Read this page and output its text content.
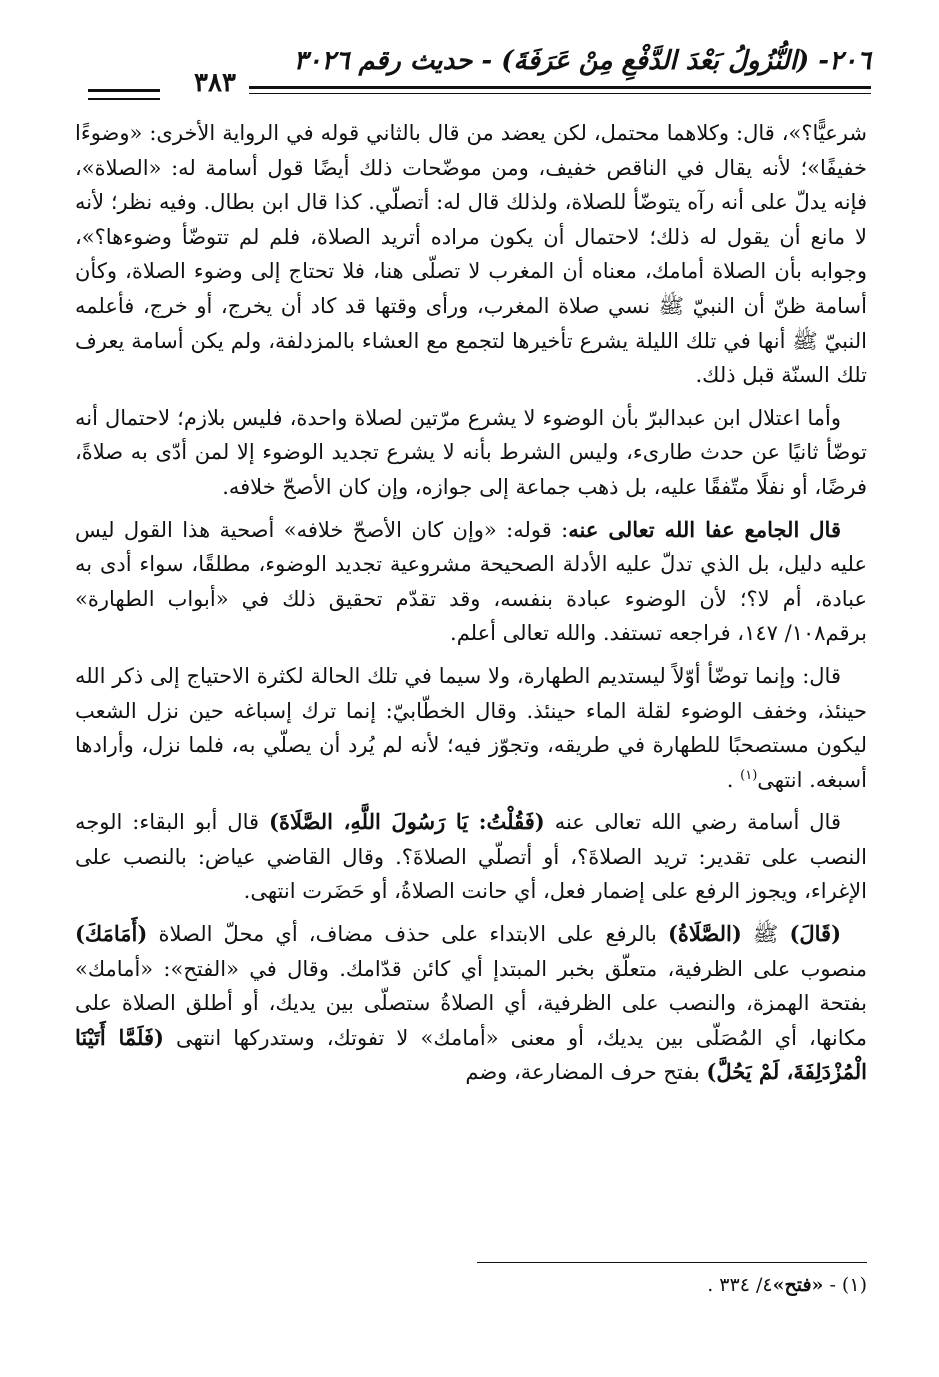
٢٠٦- (النُّزُولُ بَعْدَ الدَّفْعِ مِنْ عَرَفَةَ) - حديث رقم ٣٠٢٦
٣٨٣

شرعيًّا؟»، قال: وكلاهما محتمل، لكن يعضد من قال بالثاني قوله في الرواية الأخرى: «وضوءًا خفيفًا»؛ لأنه يقال في الناقص خفيف، ومن موضّحات ذلك أيضًا قول أسامة له: «الصلاة»، فإنه يدلّ على أنه رآه يتوضّأ للصلاة، ولذلك قال له: أتصلّي. كذا قال ابن بطال. وفيه نظر؛ لأنه لا مانع أن يقول له ذلك؛ لاحتمال أن يكون مراده أتريد الصلاة، فلم لم تتوضّأ وضوءها؟»، وجوابه بأن الصلاة أمامك، معناه أن المغرب لا تصلّى هنا، فلا تحتاج إلى وضوء الصلاة، وكأن أسامة ظنّ أن النبيّ ﷺ نسي صلاة المغرب، ورأى وقتها قد كاد أن يخرج، أو خرج، فأعلمه النبيّ ﷺ أنها في تلك الليلة يشرع تأخيرها لتجمع مع العشاء بالمزدلفة، ولم يكن أسامة يعرف تلك السنّة قبل ذلك.

وأما اعتلال ابن عبدالبرّ بأن الوضوء لا يشرع مرّتين لصلاة واحدة، فليس بلازم؛ لاحتمال أنه توضّأ ثانيًا عن حدث طارىء، وليس الشرط بأنه لا يشرع تجديد الوضوء إلا لمن أدّى به صلاةً، فرضًا، أو نفلًا متّفقًا عليه، بل ذهب جماعة إلى جوازه، وإن كان الأصحّ خلافه.

قال الجامع عفا الله تعالى عنه: قوله: «وإن كان الأصحّ خلافه» أصحية هذا القول ليس عليه دليل، بل الذي تدلّ عليه الأدلة الصحيحة مشروعية تجديد الوضوء، مطلقًا، سواء أدى به عبادة، أم لا؟؛ لأن الوضوء عبادة بنفسه، وقد تقدّم تحقيق ذلك في «أبواب الطهارة» برقم١٠٨/ ١٤٧، فراجعه تستفد. والله تعالى أعلم.

قال: وإنما توضّأ أوّلاً ليستديم الطهارة، ولا سيما في تلك الحالة لكثرة الاحتياج إلى ذكر الله حينئذ، وخفف الوضوء لقلة الماء حينئذ. وقال الخطّابيّ: إنما ترك إسباغه حين نزل الشعب ليكون مستصحبًا للطهارة في طريقه، وتجوّز فيه؛ لأنه لم يُرد أن يصلّي به، فلما نزل، وأرادها أسبغه. انتهى$^{(١)}$ .

قال أسامة رضي الله تعالى عنه (فَقُلْتُ: يَا رَسُولَ اللَّهِ، الصَّلَاةَ) قال أبو البقاء: الوجه النصب على تقدير: تريد الصلاةَ؟، أو أتصلّي الصلاةَ؟. وقال القاضي عياض: بالنصب على الإغراء، ويجوز الرفع على إضمار فعل، أي حانت الصلاةُ، أو حَضَرت انتهى.

(قَالَ) ﷺ (الصَّلَاةُ) بالرفع على الابتداء على حذف مضاف، أي محلّ الصلاة (أَمَامَكَ) منصوب على الظرفية، متعلّق بخبر المبتدإ أي كائن قدّامك. وقال في «الفتح»: «أمامك» بفتحة الهمزة، والنصب على الظرفية، أي الصلاةُ ستصلّى بين يديك، أو أطلق الصلاة على مكانها، أي المُصَلّى بين يديك، أو معنى «أمامك» لا تفوتك، وستدركها انتهى (فَلَمَّا أَتَيْنَا الْمُزْدَلِفَةَ، لَمْ يَحُلَّ) بفتح حرف المضارعة، وضم

(١) - «فتح»٤/ ٣٣٤ .
